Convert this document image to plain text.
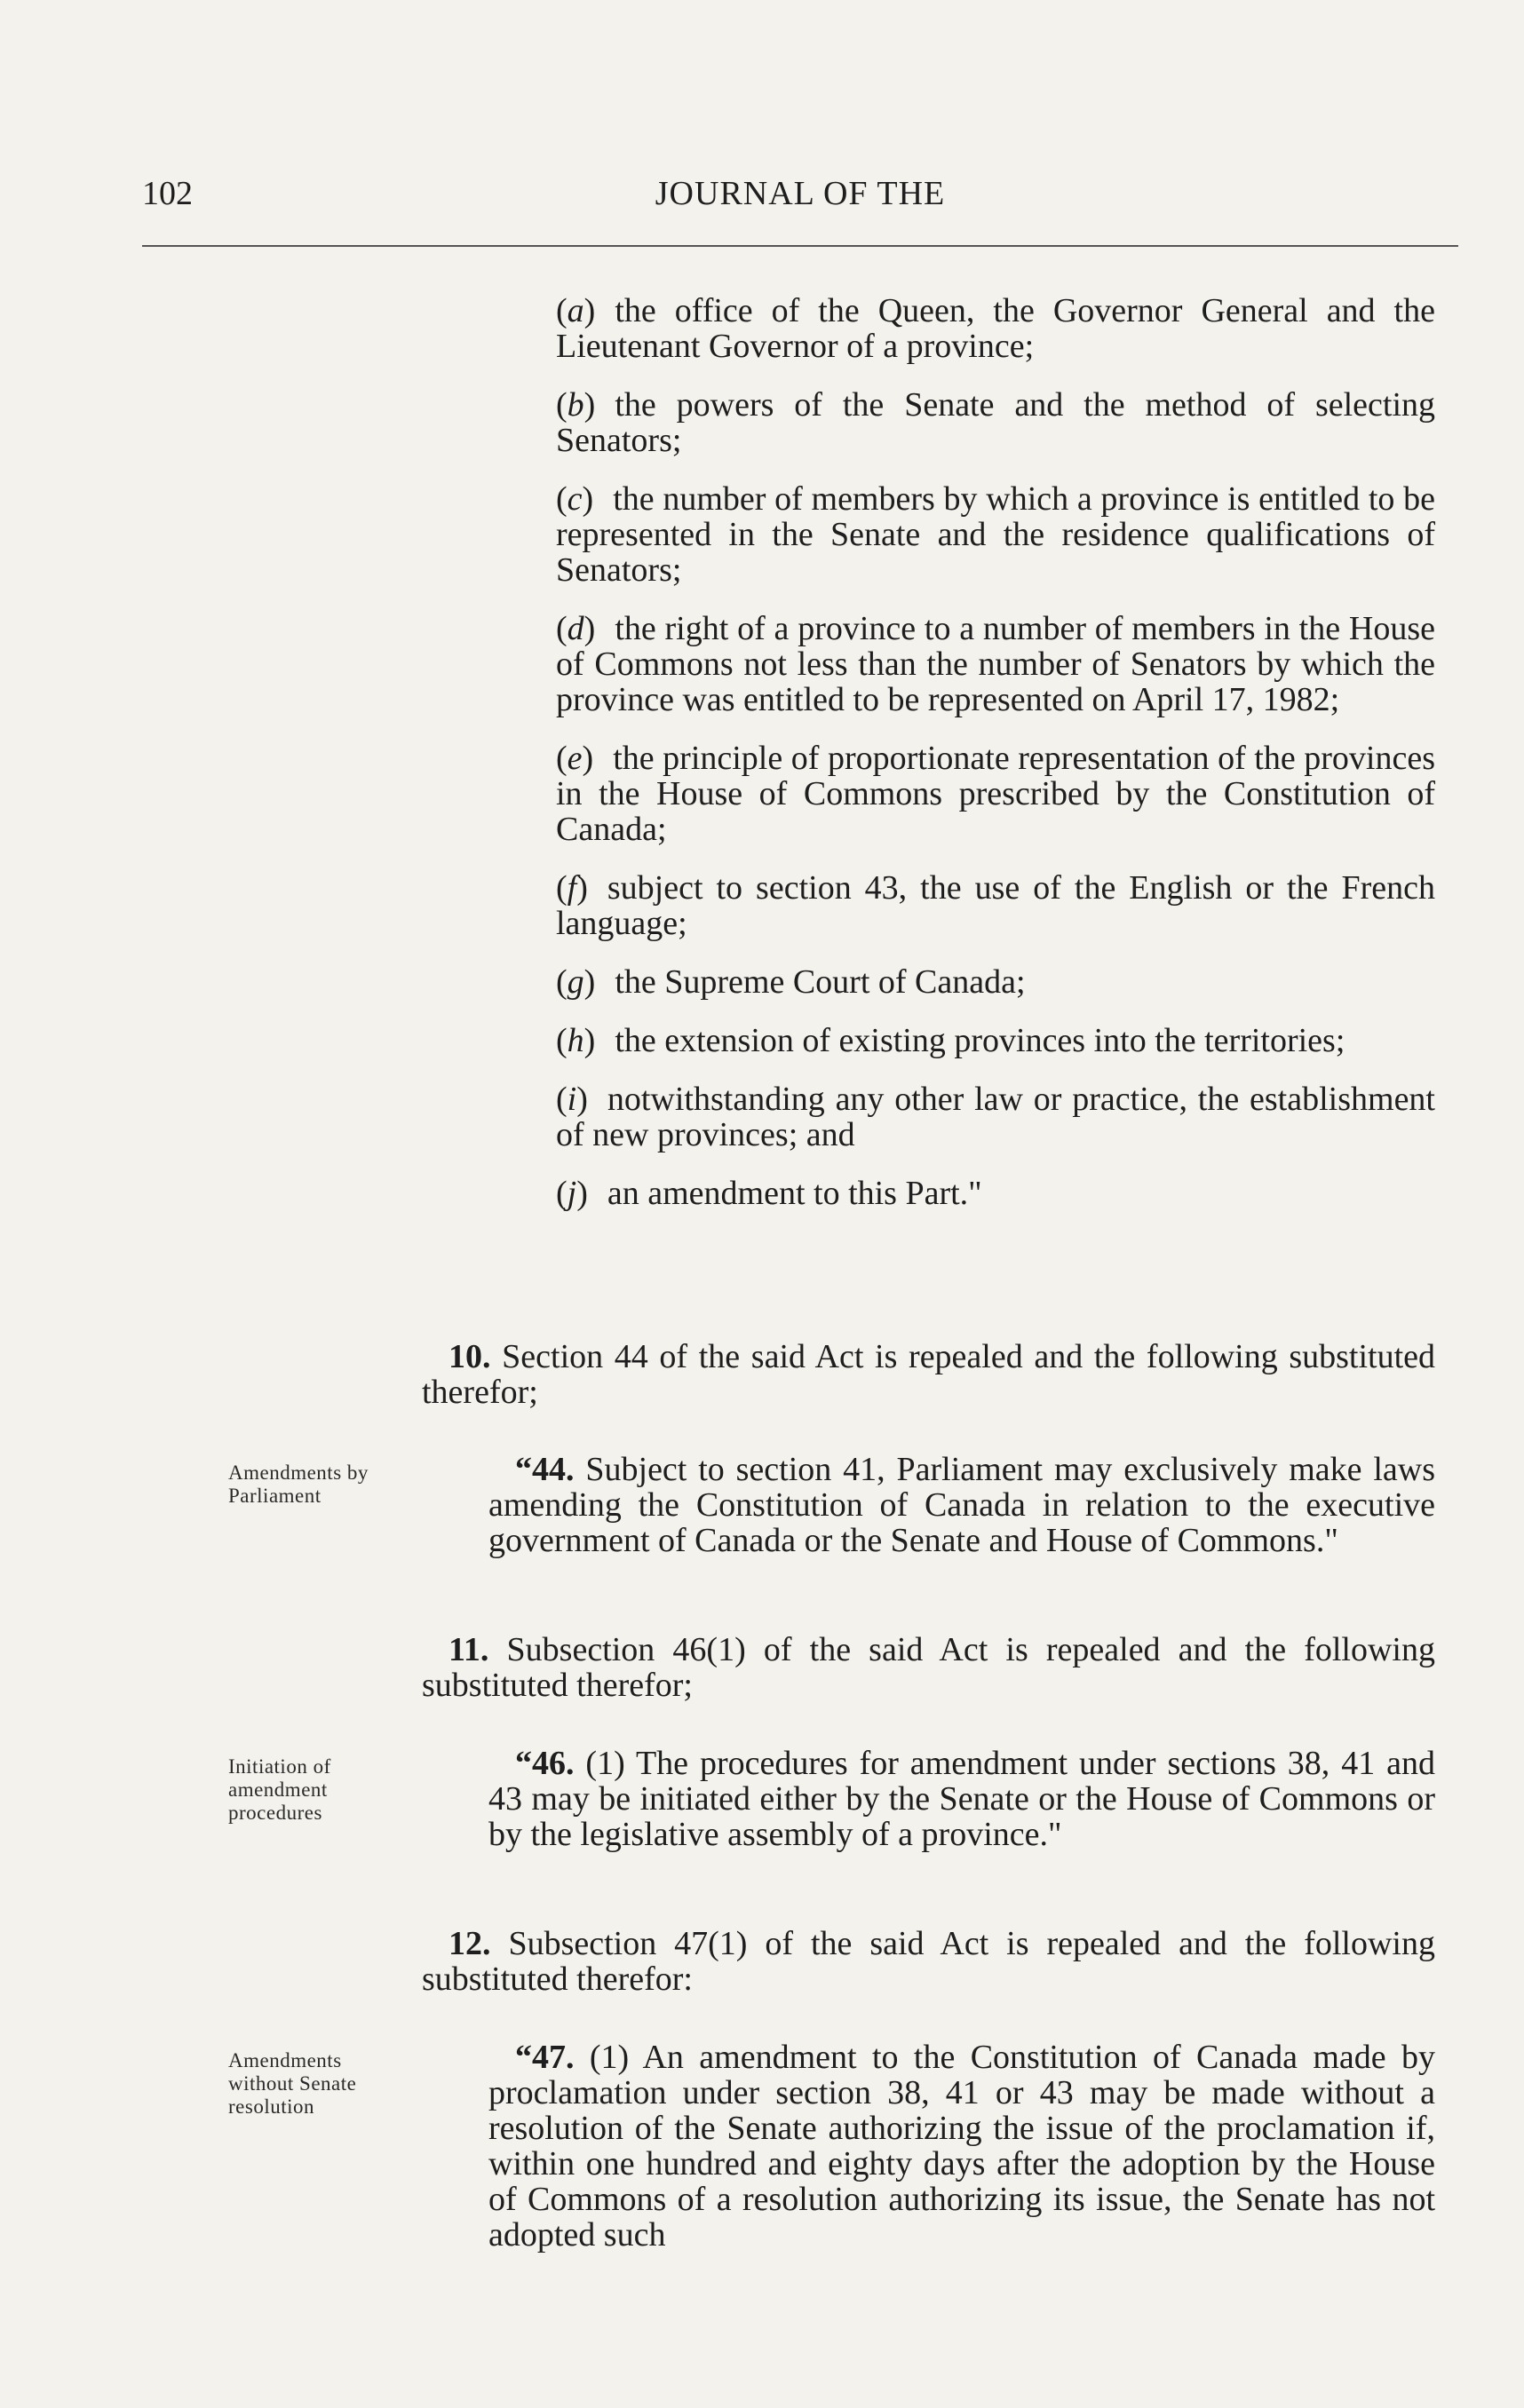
102	JOURNAL OF THE
(a) the office of the Queen, the Governor General and the Lieutenant Governor of a province;
(b) the powers of the Senate and the method of selecting Senators;
(c) the number of members by which a province is entitled to be represented in the Senate and the residence qualifications of Senators;
(d) the right of a province to a number of members in the House of Commons not less than the number of Senators by which the province was entitled to be represented on April 17, 1982;
(e) the principle of proportionate representation of the provinces in the House of Commons prescribed by the Constitution of Canada;
(f) subject to section 43, the use of the English or the French language;
(g) the Supreme Court of Canada;
(h) the extension of existing provinces into the territories;
(i) notwithstanding any other law or practice, the establishment of new provinces; and
(j) an amendment to this Part."
10. Section 44 of the said Act is repealed and the following substituted therefor;
Amendments by Parliament
“44. Subject to section 41, Parliament may exclusively make laws amending the Constitution of Canada in relation to the executive government of Canada or the Senate and House of Commons."
11. Subsection 46(1) of the said Act is repealed and the following substituted therefor;
Initiation of amendment procedures
“46. (1) The procedures for amendment under sections 38, 41 and 43 may be initiated either by the Senate or the House of Commons or by the legislative assembly of a province."
12. Subsection 47(1) of the said Act is repealed and the following substituted therefor:
Amendments without Senate resolution
“47. (1) An amendment to the Constitution of Canada made by proclamation under section 38, 41 or 43 may be made without a resolution of the Senate authorizing the issue of the proclamation if, within one hundred and eighty days after the adoption by the House of Commons of a resolution authorizing its issue, the Senate has not adopted such
